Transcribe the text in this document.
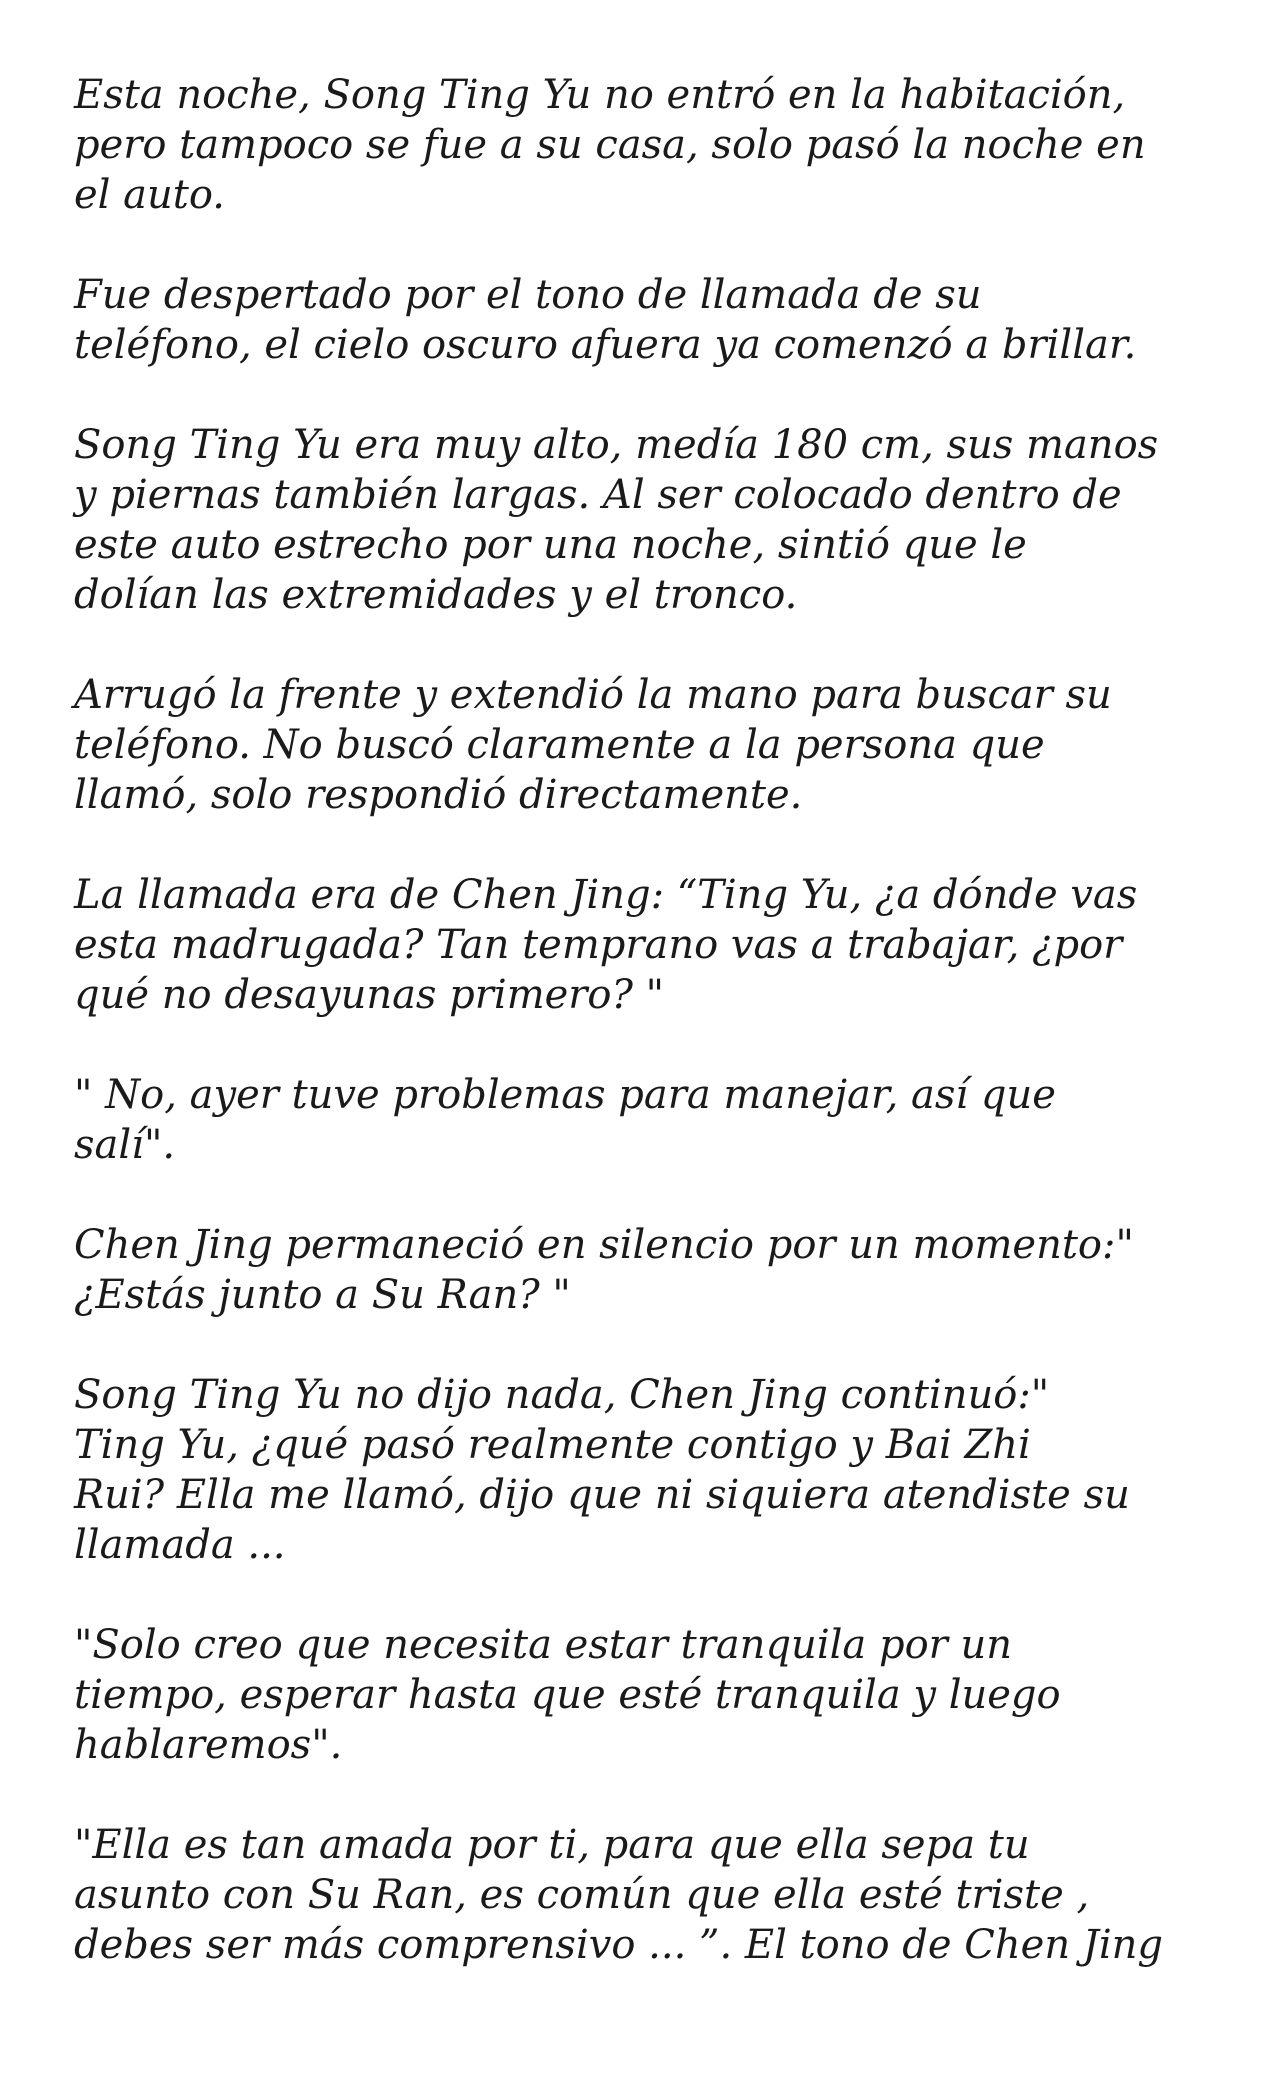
Esta noche, Song Ting Yu no entró en la habitación,
pero tampoco se fue a su casa, solo pasó la noche en
el auto.

Fue despertado por el tono de llamada de su
teléfono, el cielo oscuro afuera ya comenzó a brillar.

Song Ting Yu era muy alto, medía 180 cm, sus manos
y piernas también largas. Al ser colocado dentro de
este auto estrecho por una noche, sintió que le
dolían las extremidades y el tronco.

Arrugó la frente y extendió la mano para buscar su
teléfono. No buscó claramente a la persona que
llamó, solo respondió directamente.

La llamada era de Chen Jing: “Ting Yu, ¿a dónde vas
esta madrugada? Tan temprano vas a trabajar, ¿por
qué no desayunas primero? "

" No, ayer tuve problemas para manejar, así que
salí".

Chen Jing permaneció en silencio por un momento:"
¿Estás junto a Su Ran? "

Song Ting Yu no dijo nada, Chen Jing continuó:"
Ting Yu, ¿qué pasó realmente contigo y Bai Zhi
Rui? Ella me llamó, dijo que ni siquiera atendiste su
llamada ...

"Solo creo que necesita estar tranquila por un
tiempo, esperar hasta que esté tranquila y luego
hablaremos".

"Ella es tan amada por ti, para que ella sepa tu
asunto con Su Ran, es común que ella esté triste ,
debes ser más comprensivo ... ”. El tono de Chen Jing
